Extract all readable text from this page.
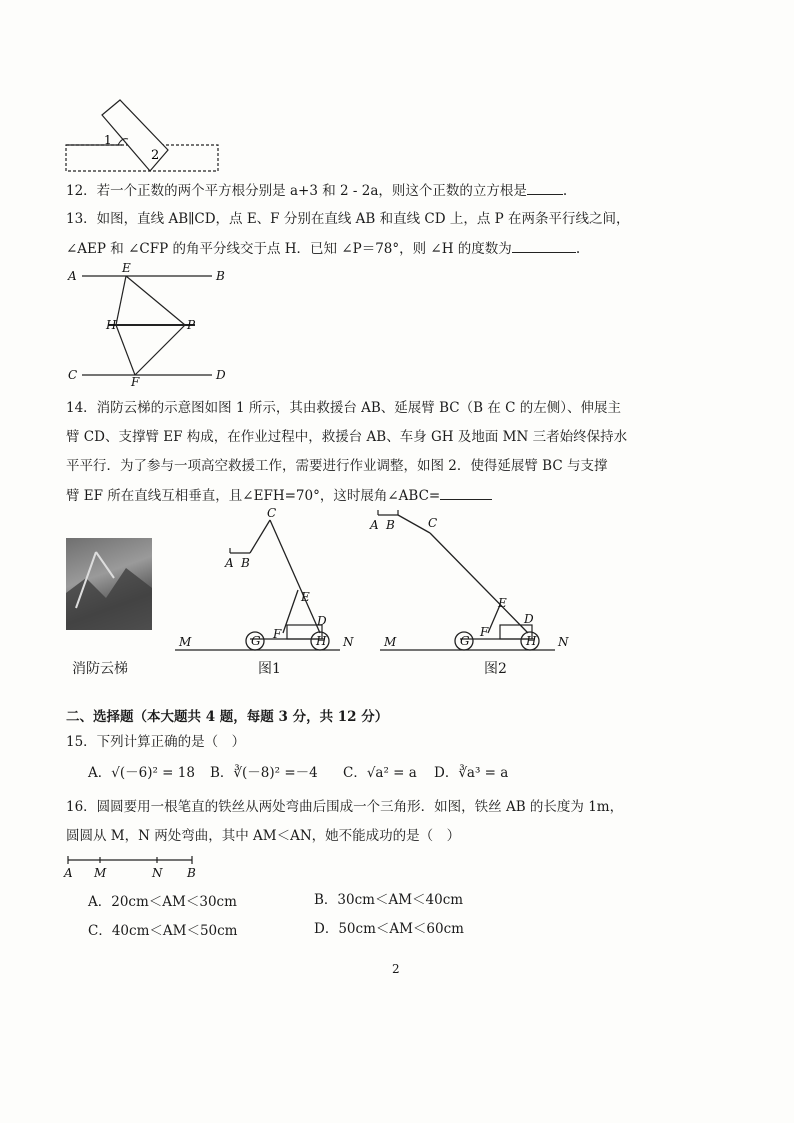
1
2
12．若一个正数的两个平方根分别是 a+3 和 2 - 2a，则这个正数的立方根是	.
13．如图，直线 AB∥CD，点 E、F 分别在直线 AB 和直线 CD 上，点 P 在两条平行线之间，
∠AEP 和 ∠CFP 的角平分线交于点 H．已知 ∠P＝78°，则 ∠H 的度数为	.
A	B
C	D
E
F
H	P
14．消防云梯的示意图如图 1 所示，其由救援台 AB、延展臂 BC（B 在 C 的左侧）、伸展主
臂 CD、支撑臂 EF 构成，在作业过程中，救援台 AB、车身 GH 及地面 MN 三者始终保持水
平平行．为了参与一项高空救援工作，需要进行作业调整，如图 2．使得延展臂 BC 与支撑
臂 EF 所在直线互相垂直，且∠EFH=70°，这时展角∠ABC=
消防云梯
C
A B
E
D
F
G	H
M	N
图1
A B	C
E
D
F
G	H
M	N
图2
二、选择题（本大题共 4 题，每题 3 分，共 12 分）
15．下列计算正确的是（　）
A．√(－6)² = 18 B．∛(－8)² =－4 C．√a² = a D．∛a³ = a
16．圆圆要用一根笔直的铁丝从两处弯曲后围成一个三角形．如图，铁丝 AB 的长度为 1m，
圆圆从 M，N 两处弯曲，其中 AM＜AN，她不能成功的是（　）
A M	N B
A．20cm＜AM＜30cm	B．30cm＜AM＜40cm
C．40cm＜AM＜50cm	D．50cm＜AM＜60cm
2
